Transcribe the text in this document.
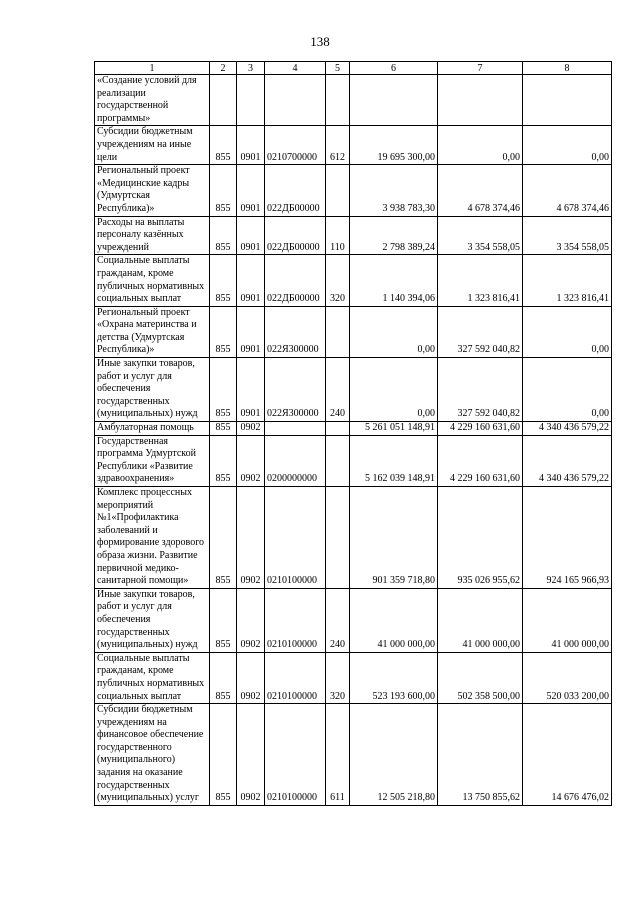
138
1	2	3	4	5	6	7	8
«Создание условий для реализации государственной программы»							
Субсидии бюджетным учреждениям на иные цели	855	0901	0210700000	612	19 695 300,00	0,00	0,00
Региональный проект «Медицинские кадры (Удмуртская Республика)»	855	0901	022ДБ00000		3 938 783,30	4 678 374,46	4 678 374,46
Расходы на выплаты персоналу казённых учреждений	855	0901	022ДБ00000	110	2 798 389,24	3 354 558,05	3 354 558,05
Социальные выплаты гражданам, кроме публичных нормативных социальных выплат	855	0901	022ДБ00000	320	1 140 394,06	1 323 816,41	1 323 816,41
Региональный проект «Охрана материнства и детства (Удмуртская Республика)»	855	0901	022Я300000		0,00	327 592 040,82	0,00
Иные закупки товаров, работ и услуг для обеспечения государственных (муниципальных) нужд	855	0901	022Я300000	240	0,00	327 592 040,82	0,00
Амбулаторная помощь	855	0902			5 261 051 148,91	4 229 160 631,60	4 340 436 579,22
Государственная программа Удмуртской Республики «Развитие здравоохранения»	855	0902	0200000000		5 162 039 148,91	4 229 160 631,60	4 340 436 579,22
Комплекс процессных мероприятий №1«Профилактика заболеваний и формирование здорового образа жизни. Развитие первичной медико-санитарной помощи»	855	0902	0210100000		901 359 718,80	935 026 955,62	924 165 966,93
Иные закупки товаров, работ и услуг для обеспечения государственных (муниципальных) нужд	855	0902	0210100000	240	41 000 000,00	41 000 000,00	41 000 000,00
Социальные выплаты гражданам, кроме публичных нормативных социальных выплат	855	0902	0210100000	320	523 193 600,00	502 358 500,00	520 033 200,00
Субсидии бюджетным учреждениям на финансовое обеспечение государственного (муниципального) задания на оказание государственных (муниципальных) услуг	855	0902	0210100000	611	12 505 218,80	13 750 855,62	14 676 476,02
